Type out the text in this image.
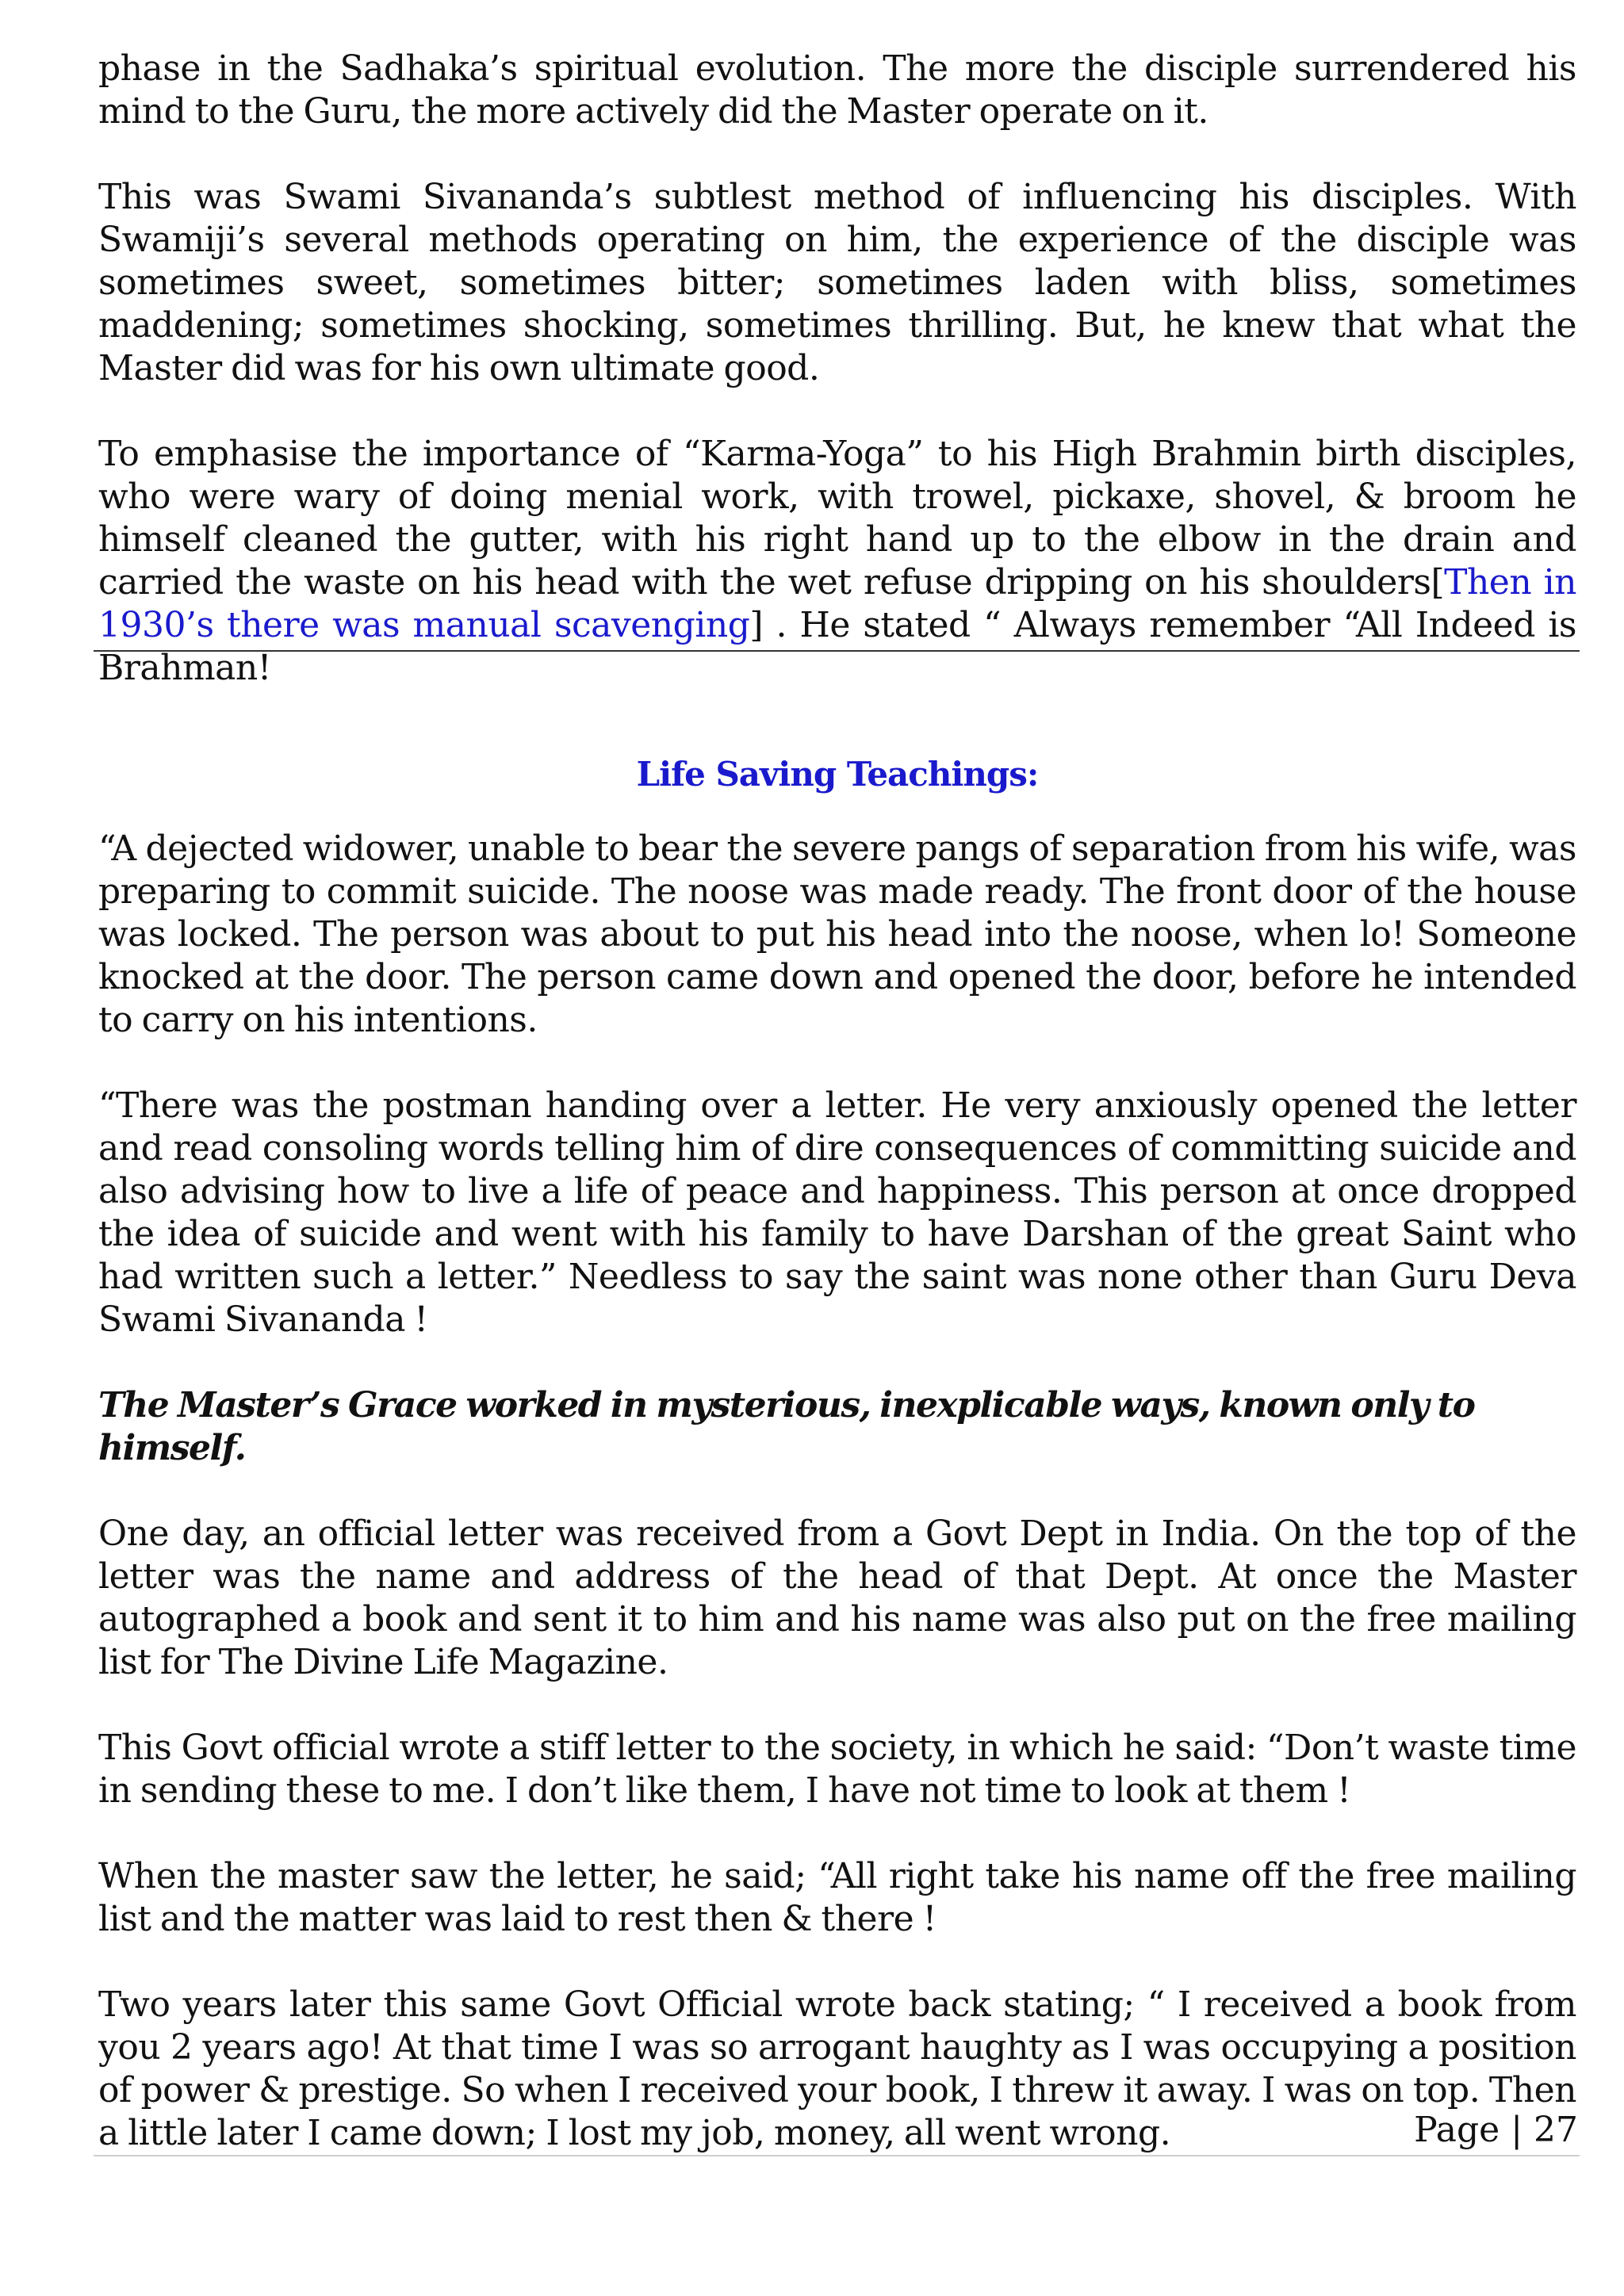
phase in the Sadhaka’s spiritual evolution. The more the disciple surrendered his mind to the Guru, the more actively did the Master operate on it.

This was Swami Sivananda’s subtlest method of influencing his disciples. With Swamiji’s several methods operating on him, the experience of the disciple was sometimes sweet, sometimes bitter; sometimes laden with bliss, sometimes maddening; sometimes shocking, sometimes thrilling. But, he knew that what the Master did was for his own ultimate good.

To emphasise the importance of “Karma-Yoga” to his High Brahmin birth disciples, who were wary of doing menial work, with trowel, pickaxe, shovel, & broom he himself cleaned the gutter, with his right hand up to the elbow in the drain and carried the waste on his head with the wet refuse dripping on his shoulders[Then in 1930’s there was manual scavenging] . He stated “ Always remember “All Indeed is Brahman!

Life Saving Teachings:

“A dejected widower, unable to bear the severe pangs of separation from his wife, was preparing to commit suicide. The noose was made ready. The front door of the house was locked. The person was about to put his head into the noose, when lo! Someone knocked at the door. The person came down and opened the door, before he intended to carry on his intentions.

“There was the postman handing over a letter. He very anxiously opened the letter and read consoling words telling him of dire consequences of committing suicide and also advising how to live a life of peace and happiness. This person at once dropped the idea of suicide and went with his family to have Darshan of the great Saint who had written such a letter.” Needless to say the saint was none other than Guru Deva Swami Sivananda !

The Master’s Grace worked in mysterious, inexplicable ways, known only to himself.

One day, an official letter was received from a Govt Dept in India. On the top of the letter was the name and address of the head of that Dept. At once the Master autographed a book and sent it to him and his name was also put on the free mailing list for The Divine Life Magazine.

This Govt official wrote a stiff letter to the society, in which he said: “Don’t waste time in sending these to me. I don’t like them, I have not time to look at them !

When the master saw the letter, he said; “All right take his name off the free mailing list and the matter was laid to rest then & there !

Two years later this same Govt Official wrote back stating; “ I received a book from you 2 years ago! At that time I was so arrogant haughty as I was occupying a position of power & prestige. So when I received your book, I threw it away. I was on top. Then a little later I came down; I lost my job, money, all went wrong.	Page | 27
